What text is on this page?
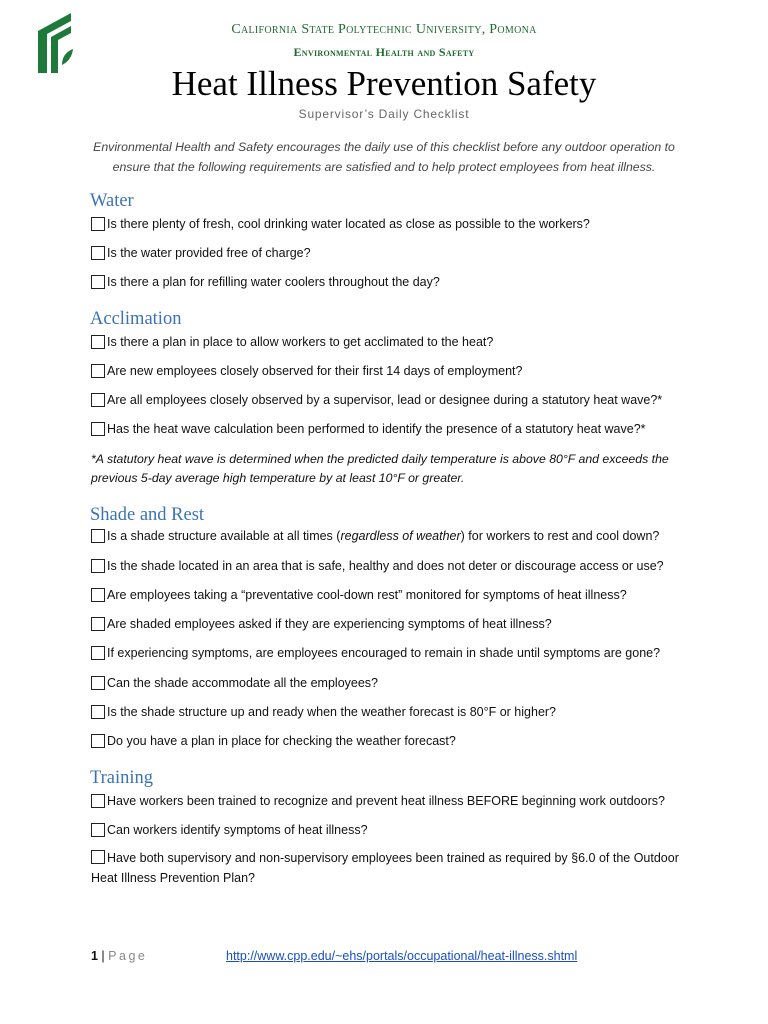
California State Polytechnic University, Pomona
Environmental Health and Safety
Heat Illness Prevention Safety
Supervisor’s Daily Checklist
Environmental Health and Safety encourages the daily use of this checklist before any outdoor operation to ensure that the following requirements are satisfied and to help protect employees from heat illness.
Water
Is there plenty of fresh, cool drinking water located as close as possible to the workers?
Is the water provided free of charge?
Is there a plan for refilling water coolers throughout the day?
Acclimation
Is there a plan in place to allow workers to get acclimated to the heat?
Are new employees closely observed for their first 14 days of employment?
Are all employees closely observed by a supervisor, lead or designee during a statutory heat wave?*
Has the heat wave calculation been performed to identify the presence of a statutory heat wave?*
*A statutory heat wave is determined when the predicted daily temperature is above 80°F and exceeds the previous 5-day average high temperature by at least 10°F or greater.
Shade and Rest
Is a shade structure available at all times (regardless of weather) for workers to rest and cool down?
Is the shade located in an area that is safe, healthy and does not deter or discourage access or use?
Are employees taking a “preventative cool-down rest” monitored for symptoms of heat illness?
Are shaded employees asked if they are experiencing symptoms of heat illness?
If experiencing symptoms, are employees encouraged to remain in shade until symptoms are gone?
Can the shade accommodate all the employees?
Is the shade structure up and ready when the weather forecast is 80°F or higher?
Do you have a plan in place for checking the weather forecast?
Training
Have workers been trained to recognize and prevent heat illness BEFORE beginning work outdoors?
Can workers identify symptoms of heat illness?
Have both supervisory and non-supervisory employees been trained as required by §6.0 of the Outdoor Heat Illness Prevention Plan?
1 | Page	http://www.cpp.edu/~ehs/portals/occupational/heat-illness.shtml
